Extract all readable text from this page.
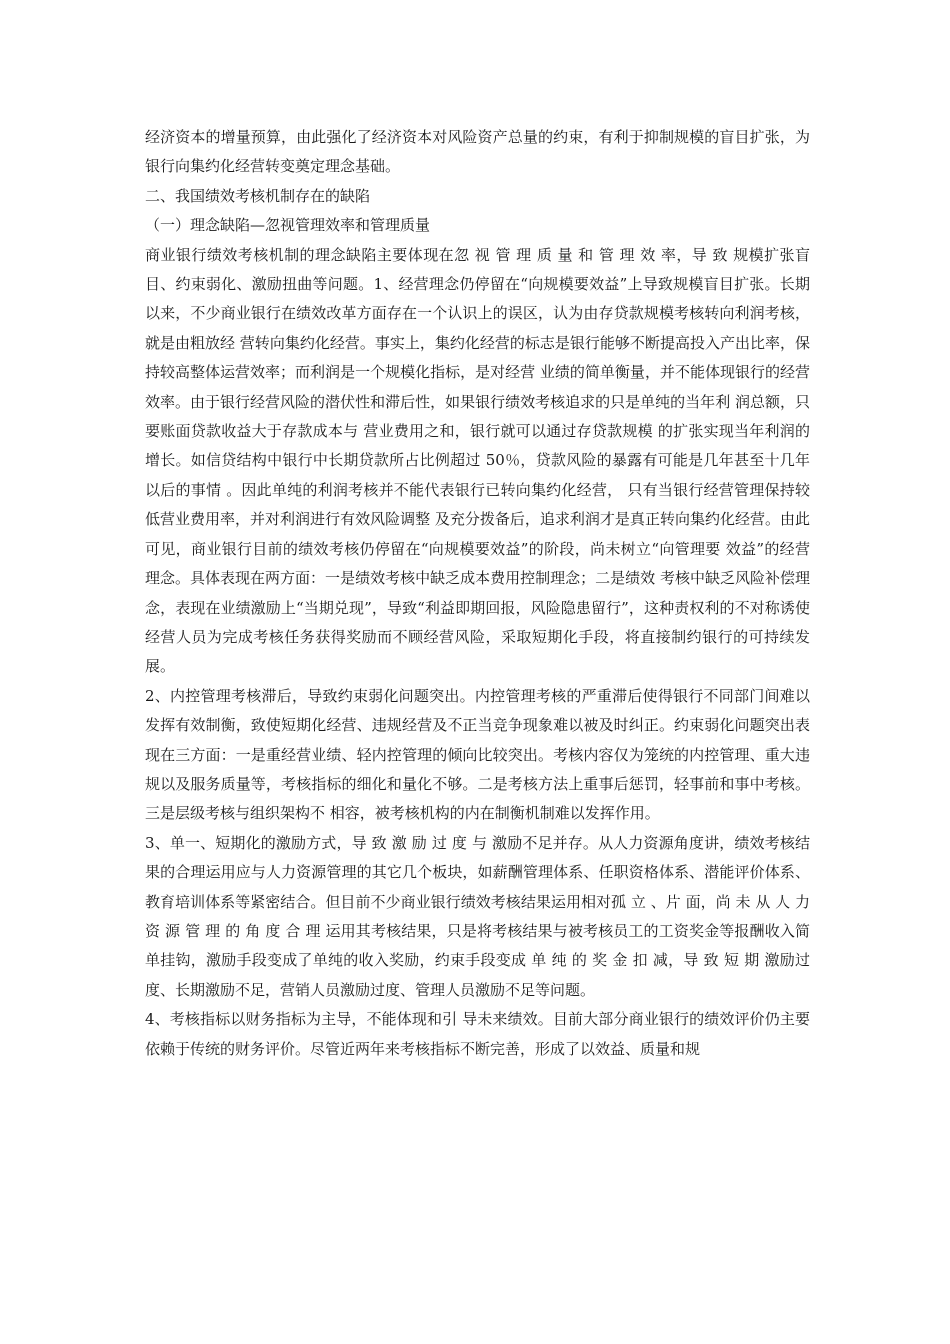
经济资本的增量预算，由此强化了经济资本对风险资产总量的约束，有利于抑制规模的盲目扩张，为银行向集约化经营转变奠定理念基础。

二、我国绩效考核机制存在的缺陷

（一）理念缺陷—忽视管理效率和管理质量

商业银行绩效考核机制的理念缺陷主要体现在忽 视 管 理 质 量 和 管 理 效 率，导 致 规模扩张盲目、约束弱化、激励扭曲等问题。1、经营理念仍停留在“向规模要效益”上导致规模盲目扩张。长期以来，不少商业银行在绩效改革方面存在一个认识上的误区，认为由存贷款规模考核转向利润考核，就是由粗放经 营转向集约化经营。事实上，集约化经营的标志是银行能够不断提高投入产出比率，保持较高整体运营效率；而利润是一个规模化指标，是对经营 业绩的简单衡量，并不能体现银行的经营效率。由于银行经营风险的潜伏性和滞后性，如果银行绩效考核追求的只是单纯的当年利 润总额，只要账面贷款收益大于存款成本与 营业费用之和，银行就可以通过存贷款规模 的扩张实现当年利润的增长。如信贷结构中银行中长期贷款所占比例超过 50％，贷款风险的暴露有可能是几年甚至十几年以后的事情 。因此单纯的利润考核并不能代表银行已转向集约化经营， 只有当银行经营管理保持较 低营业费用率，并对利润进行有效风险调整 及充分拨备后，追求利润才是真正转向集约化经营。由此可见，商业银行目前的绩效考核仍停留在“向规模要效益”的阶段，尚未树立“向管理要 效益”的经营理念。具体表现在两方面：一是绩效考核中缺乏成本费用控制理念；二是绩效 考核中缺乏风险补偿理念，表现在业绩激励上“当期兑现”，导致“利益即期回报，风险隐患留行”，这种责权利的不对称诱使 经营人员为完成考核任务获得奖励而不顾经营风险，采取短期化手段，将直接制约银行的可持续发展。

2、内控管理考核滞后，导致约束弱化问题突出。内控管理考核的严重滞后使得银行不同部门间难以发挥有效制衡，致使短期化经营、违规经营及不正当竞争现象难以被及时纠正。约束弱化问题突出表现在三方面：一是重经营业绩、轻内控管理的倾向比较突出。考核内容仅为笼统的内控管理、重大违规以及服务质量等，考核指标的细化和量化不够。二是考核方法上重事后惩罚，轻事前和事中考核。三是层级考核与组织架构不 相容，被考核机构的内在制衡机制难以发挥作用。

3、单一、短期化的激励方式，导 致 激 励 过 度 与 激励不足并存。从人力资源角度讲，绩效考核结 果的合理运用应与人力资源管理的其它几个板块，如薪酬管理体系、任职资格体系、潜能评价体系、教育培训体系等紧密结合。但目前不少商业银行绩效考核结果运用相对孤 立 、片 面，尚 未 从 人 力 资 源 管 理 的 角 度 合 理 运用其考核结果，只是将考核结果与被考核员工的工资奖金等报酬收入简单挂钩，激励手段变成了单纯的收入奖励，约束手段变成 单 纯 的 奖 金 扣 减，导 致 短 期 激励过度、长期激励不足，营销人员激励过度、管理人员激励不足等问题。

4、考核指标以财务指标为主导，不能体现和引 导未来绩效。目前大部分商业银行的绩效评价仍主要依赖于传统的财务评价。尽管近两年来考核指标不断完善，形成了以效益、质量和规
